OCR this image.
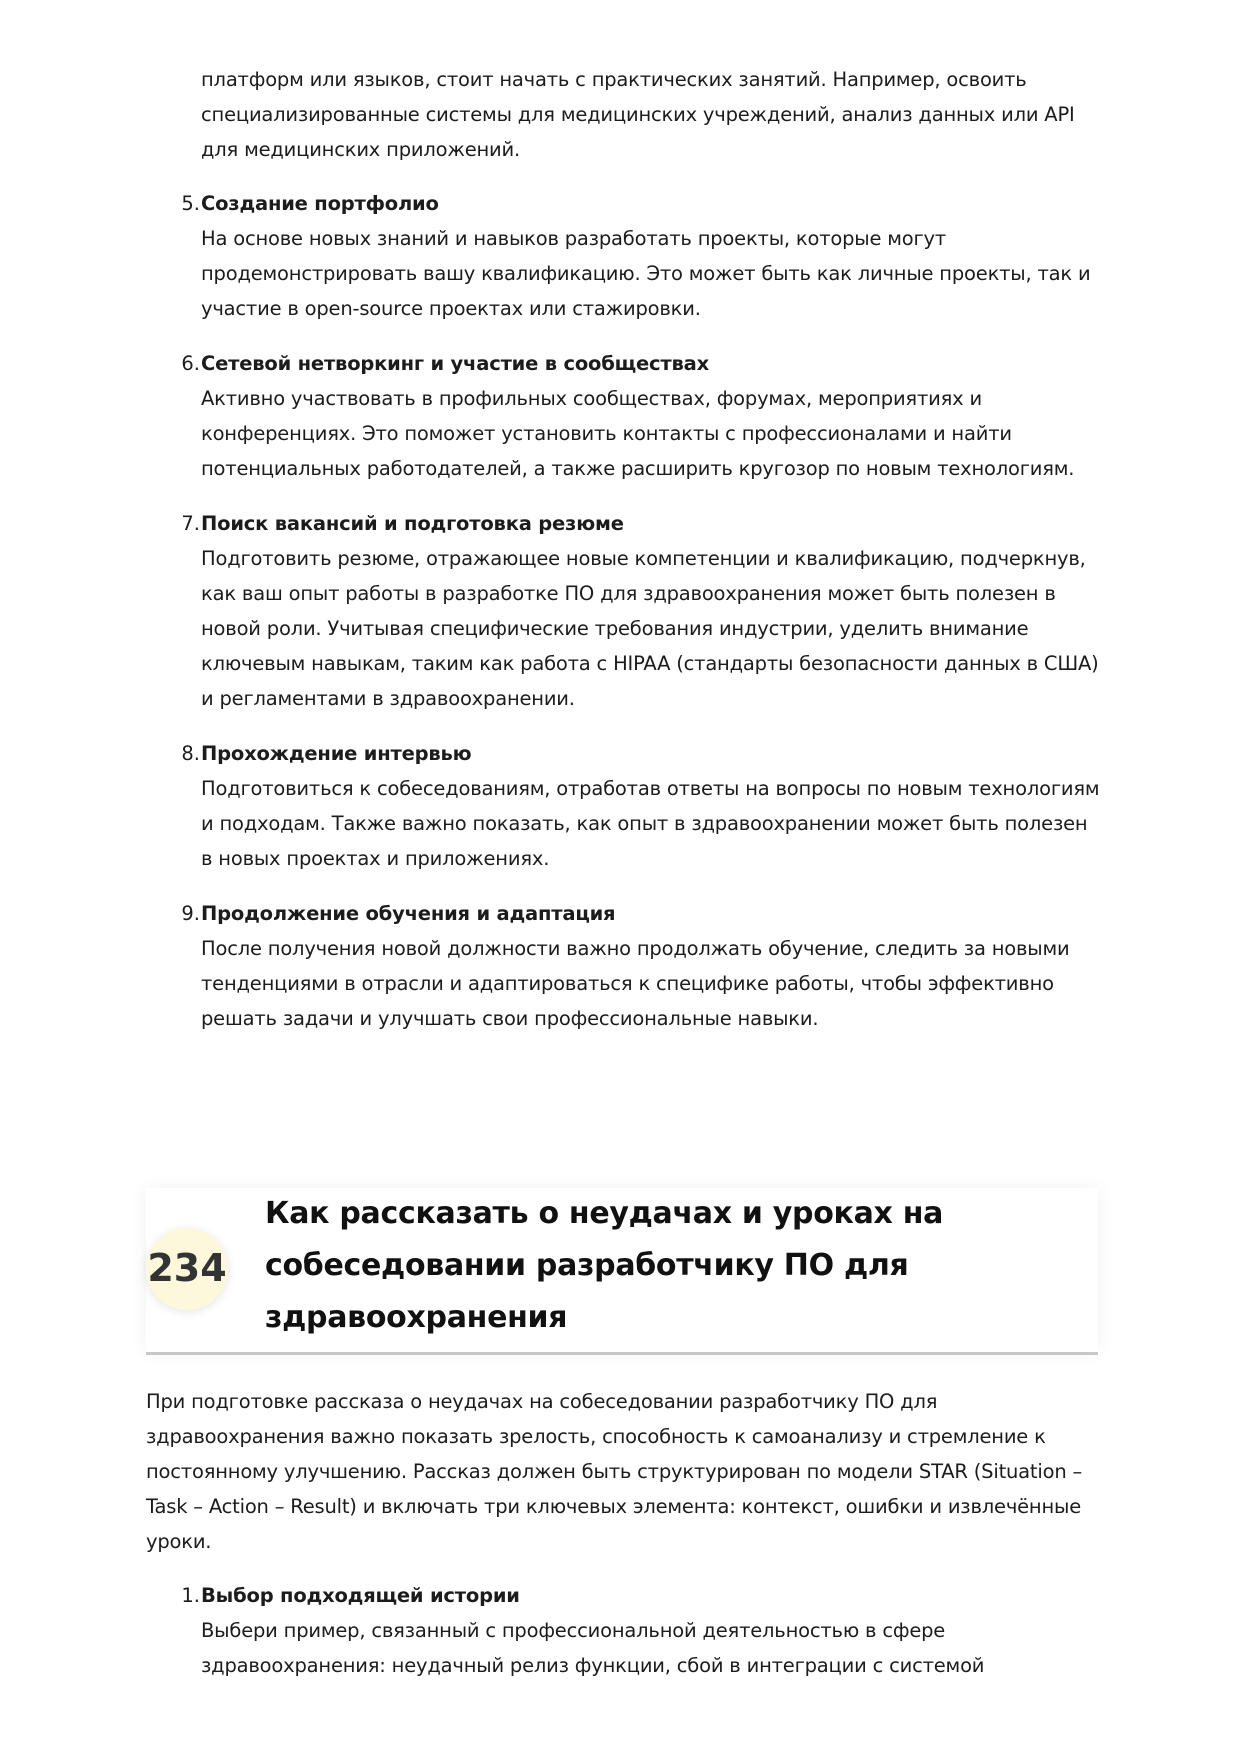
платформ или языков, стоит начать с практических занятий. Например, освоить специализированные системы для медицинских учреждений, анализ данных или API для медицинских приложений.

5. Создание портфолио
На основе новых знаний и навыков разработать проекты, которые могут продемонстрировать вашу квалификацию. Это может быть как личные проекты, так и участие в open-source проектах или стажировки.
6. Сетевой нетворкинг и участие в сообществах
Активно участвовать в профильных сообществах, форумах, мероприятиях и конференциях. Это поможет установить контакты с профессионалами и найти потенциальных работодателей, а также расширить кругозор по новым технологиям.
7. Поиск вакансий и подготовка резюме
Подготовить резюме, отражающее новые компетенции и квалификацию, подчеркнув, как ваш опыт работы в разработке ПО для здравоохранения может быть полезен в новой роли. Учитывая специфические требования индустрии, уделить внимание ключевым навыкам, таким как работа с HIPAA (стандарты безопасности данных в США) и регламентами в здравоохранении.
8. Прохождение интервью
Подготовиться к собеседованиям, отработав ответы на вопросы по новым технологиям и подходам. Также важно показать, как опыт в здравоохранении может быть полезен в новых проектах и приложениях.
9. Продолжение обучения и адаптация
После получения новой должности важно продолжать обучение, следить за новыми тенденциями в отрасли и адаптироваться к специфике работы, чтобы эффективно решать задачи и улучшать свои профессиональные навыки.
234
Как рассказать о неудачах и уроках на собеседовании разработчику ПО для здравоохранения

При подготовке рассказа о неудачах на собеседовании разработчику ПО для здравоохранения важно показать зрелость, способность к самоанализу и стремление к постоянному улучшению. Рассказ должен быть структурирован по модели STAR (Situation – Task – Action – Result) и включать три ключевых элемента: контекст, ошибки и извлечённые уроки.

1. Выбор подходящей истории
Выбери пример, связанный с профессиональной деятельностью в сфере здравоохранения: неудачный релиз функции, сбой в интеграции с системой
